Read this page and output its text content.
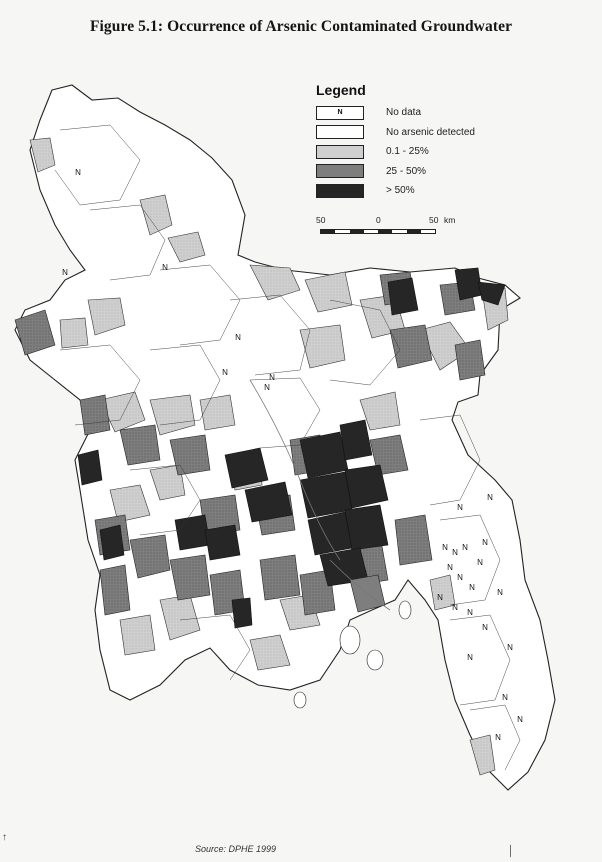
Figure 5.1: Occurrence of Arsenic Contaminated Groundwater
Legend
N	No data
No arsenic detected
0.1 - 25%
25 - 50%
> 50%
50	0	50 km
N
N
N
N
N
N
N
N
N
N
N
N
N
N
N
N
N
N
N
N
N
N
N
N
N
N
N
Source: DPHE 1999
↑
│
